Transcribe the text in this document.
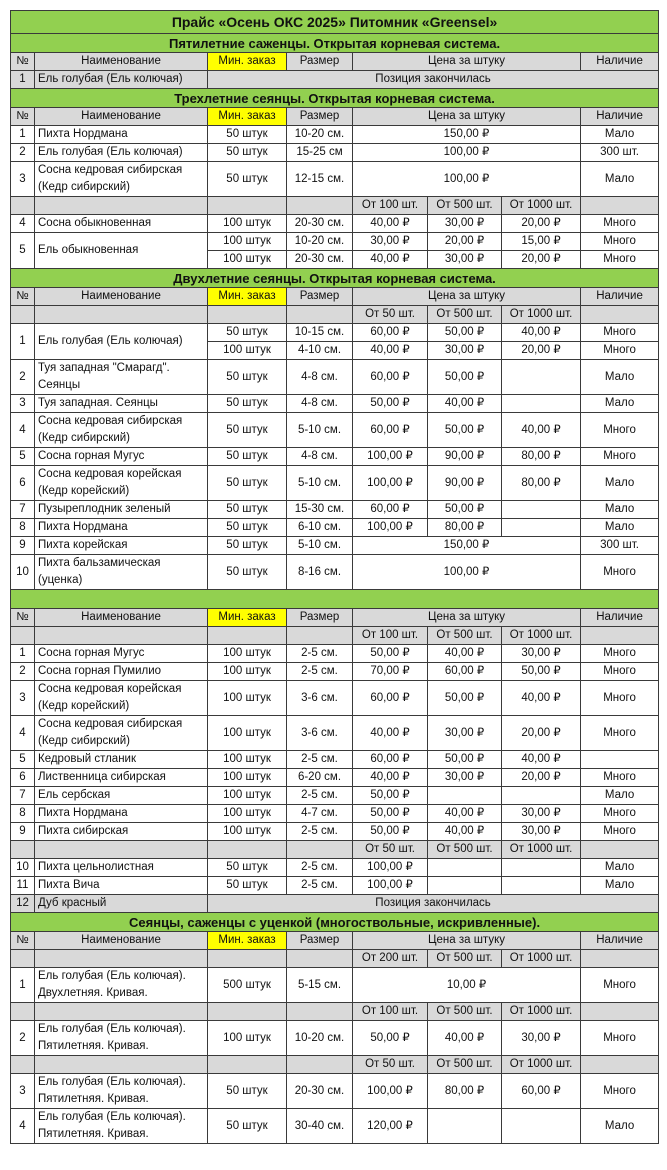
Прайс «Осень ОКС 2025» Питомник «Greensel»							
Пятилетние саженцы. Открытая корневая система.							
№	Наименование	Мин. заказ	Размер	Цена за штуку			Наличие
1	Ель голубая (Ель колючая)	Позиция закончилась					
Трехлетние сеянцы. Открытая корневая система.							
№	Наименование	Мин. заказ	Размер	Цена за штуку			Наличие
1	Пихта Нордмана	50 штук	10-20 см.	150,00 ₽			Мало
2	Ель голубая (Ель колючая)	50 штук	15-25 см	100,00 ₽			300 шт.
3	Сосна кедровая сибирская (Кедр сибирский)	50 штук	12-15 см.	100,00 ₽			Мало
				От 100 шт.	От 500 шт.	От 1000 шт.	
4	Сосна обыкновенная	100 штук	20-30 см.	40,00 ₽	30,00 ₽	20,00 ₽	Много
5	Ель обыкновенная	100 штук	10-20 см.	30,00 ₽	20,00 ₽	15,00 ₽	Много
		100 штук	20-30 см.	40,00 ₽	30,00 ₽	20,00 ₽	Много
Двухлетние сеянцы. Открытая корневая система.							
№	Наименование	Мин. заказ	Размер	Цена за штуку			Наличие
				От 50 шт.	От 500 шт.	От 1000 шт.	
1	Ель голубая (Ель колючая)	50 штук	10-15 см.	60,00 ₽	50,00 ₽	40,00 ₽	Много
		100 штук	4-10 см.	40,00 ₽	30,00 ₽	20,00 ₽	Много
2	Туя западная "Смарагд". Сеянцы	50 штук	4-8 см.	60,00 ₽	50,00 ₽		Мало
3	Туя западная. Сеянцы	50 штук	4-8 см.	50,00 ₽	40,00 ₽		Мало
4	Сосна кедровая сибирская (Кедр сибирский)	50 штук	5-10 см.	60,00 ₽	50,00 ₽	40,00 ₽	Много
5	Сосна горная Мугус	50 штук	4-8 см.	100,00 ₽	90,00 ₽	80,00 ₽	Много
6	Сосна кедровая корейская (Кедр корейский)	50 штук	5-10 см.	100,00 ₽	90,00 ₽	80,00 ₽	Мало
7	Пузыреплодник зеленый	50 штук	15-30 см.	60,00 ₽	50,00 ₽		Мало
8	Пихта Нордмана	50 штук	6-10 см.	100,00 ₽	80,00 ₽		Мало
9	Пихта корейская	50 штук	5-10 см.	150,00 ₽			300 шт.
10	Пихта бальзамическая (уценка)	50 штук	8-16 см.	100,00 ₽			Много

№	Наименование	Мин. заказ	Размер	Цена за штуку			Наличие
				От 100 шт.	От 500 шт.	От 1000 шт.	
1	Сосна горная Мугус	100 штук	2-5 см.	50,00 ₽	40,00 ₽	30,00 ₽	Много
2	Сосна горная Пумилио	100 штук	2-5 см.	70,00 ₽	60,00 ₽	50,00 ₽	Много
3	Сосна кедровая корейская (Кедр корейский)	100 штук	3-6 см.	60,00 ₽	50,00 ₽	40,00 ₽	Много
4	Сосна кедровая сибирская (Кедр сибирский)	100 штук	3-6 см.	40,00 ₽	30,00 ₽	20,00 ₽	Много
5	Кедровый стланик	100 штук	2-5 см.	60,00 ₽	50,00 ₽	40,00 ₽	
6	Лиственница сибирская	100 штук	6-20 см.	40,00 ₽	30,00 ₽	20,00 ₽	Много
7	Ель сербская	100 штук	2-5 см.	50,00 ₽			Мало
8	Пихта Нордмана	100 штук	4-7 см.	50,00 ₽	40,00 ₽	30,00 ₽	Много
9	Пихта сибирская	100 штук	2-5 см.	50,00 ₽	40,00 ₽	30,00 ₽	Много
				От 50 шт.	От 500 шт.	От 1000 шт.	
10	Пихта цельнолистная	50 штук	2-5 см.	100,00 ₽			Мало
11	Пихта Вича	50 штук	2-5 см.	100,00 ₽			Мало
12	Дуб красный	Позиция закончилась					
Сеянцы, саженцы с уценкой (многоствольные, искривленные).							
№	Наименование	Мин. заказ	Размер	Цена за штуку			Наличие
				От 200 шт.	От 500 шт.	От 1000 шт.	
1	Ель голубая (Ель колючая). Двухлетняя. Кривая.	500 штук	5-15 см.	10,00 ₽			Много
				От 100 шт.	От 500 шт.	От 1000 шт.	
2	Ель голубая (Ель колючая). Пятилетняя. Кривая.	100 штук	10-20 см.	50,00 ₽	40,00 ₽	30,00 ₽	Много
				От 50 шт.	От 500 шт.	От 1000 шт.	
3	Ель голубая (Ель колючая). Пятилетняя. Кривая.	50 штук	20-30 см.	100,00 ₽	80,00 ₽	60,00 ₽	Много
4	Ель голубая (Ель колючая). Пятилетняя. Кривая.	50 штук	30-40 см.	120,00 ₽			Мало
